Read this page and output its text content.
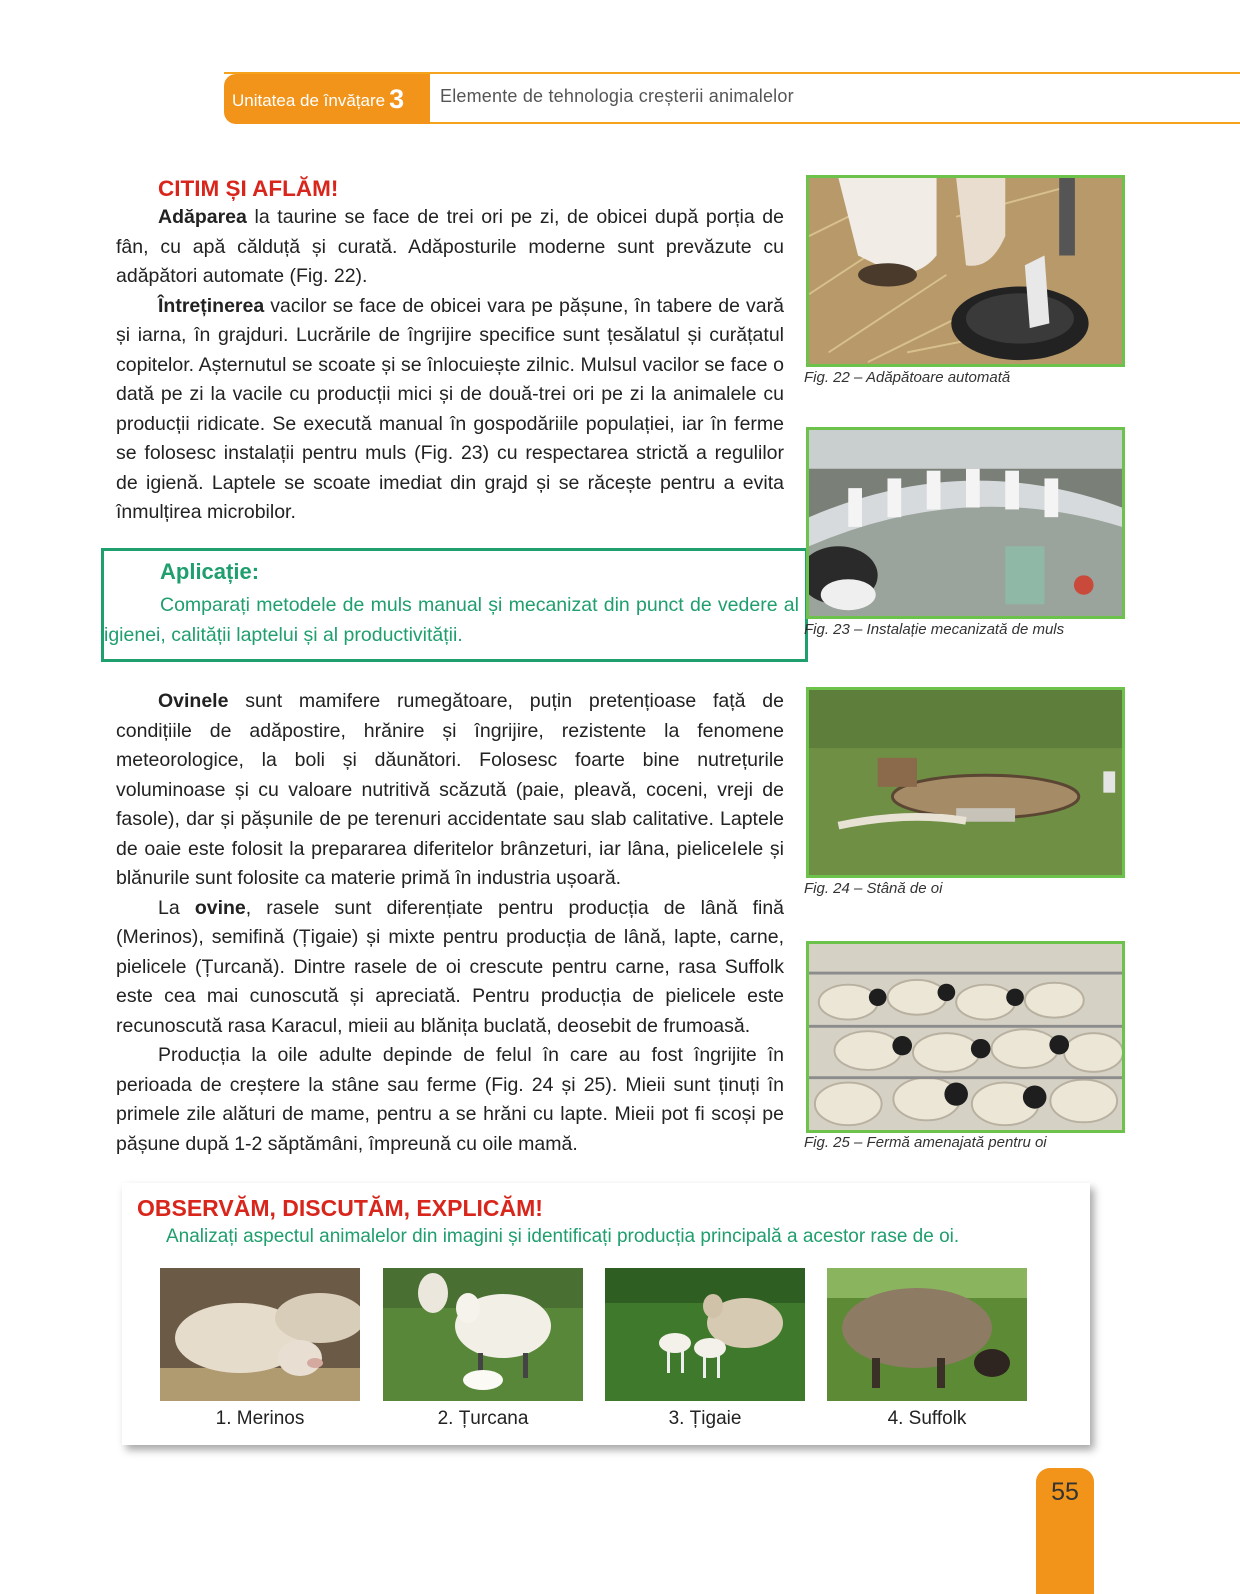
Unitatea de învățare 3	Elemente de tehnologia creșterii animalelor
CITIM ȘI AFLĂM!

Adăparea la taurine se face de trei ori pe zi, de obicei după porția de fân, cu apă călduță și curată. Adăposturile moderne sunt prevăzute cu adăpători automate (Fig. 22).

Întreținerea vacilor se face de obicei vara pe pășune, în tabere de vară și iarna, în grajduri. Lucrările de îngrijire specifice sunt țesălatul și curățatul copitelor. Așternutul se scoate și se înlocuiește zilnic. Mulsul vacilor se face o dată pe zi la vacile cu producții mici și de două-trei ori pe zi la animalele cu producții ridicate. Se execută manual în gospodăriile populației, iar în ferme se folosesc instalații pentru muls (Fig. 23) cu respectarea strictă a regulilor de igienă. Laptele se scoate imediat din grajd și se răcește pentru a evita înmulțirea microbilor.

Aplicație:

Comparați metodele de muls manual și mecanizat din punct de vedere al igienei, calității laptelui și al productivității.

Ovinele sunt mamifere rumegătoare, puțin pretențioase față de condițiile de adăpostire, hrănire și îngrijire, rezistente la fenomene meteorologice, la boli și dăunători. Folosesc foarte bine nutrețurile voluminoase și cu valoare nutritivă scăzută (paie, pleavă, coceni, vreji de fasole), dar și pășunile de pe terenuri accidentate sau slab calitative. Laptele de oaie este folosit la prepararea diferitelor brânzeturi, iar lâna, pieliceIele și blănurile sunt folosite ca materie primă în industria ușoară.

La ovine, rasele sunt diferențiate pentru producția de lână fină (Merinos), semifină (Țigaie) și mixte pentru producția de lână, lapte, carne, pielicele (Țurcană). Dintre rasele de oi crescute pentru carne, rasa Suffolk este cea mai cunoscută și apreciată. Pentru producția de pielicele este recunoscută rasa Karacul, mieii au blănița buclată, deosebit de frumoasă.

Producția la oile adulte depinde de felul în care au fost îngrijite în perioada de creștere la stâne sau ferme (Fig. 24 și 25). Mieii sunt ținuți în primele zile alături de mame, pentru a se hrăni cu lapte. Mieii pot fi scoși pe pășune după 1-2 săptămâni, împreună cu oile mamă.

Fig. 22 – Adăpătoare automată
Fig. 23 – Instalație mecanizată de muls
Fig. 24 – Stână de oi
Fig. 25 – Fermă amenajată pentru oi
OBSERVĂM, DISCUTĂM, EXPLICĂM!
Analizați aspectul animalelor din imagini și identificați producția principală a acestor rase de oi.
1. Merinos	2. Țurcana	3. Țigaie	4. Suffolk
55
